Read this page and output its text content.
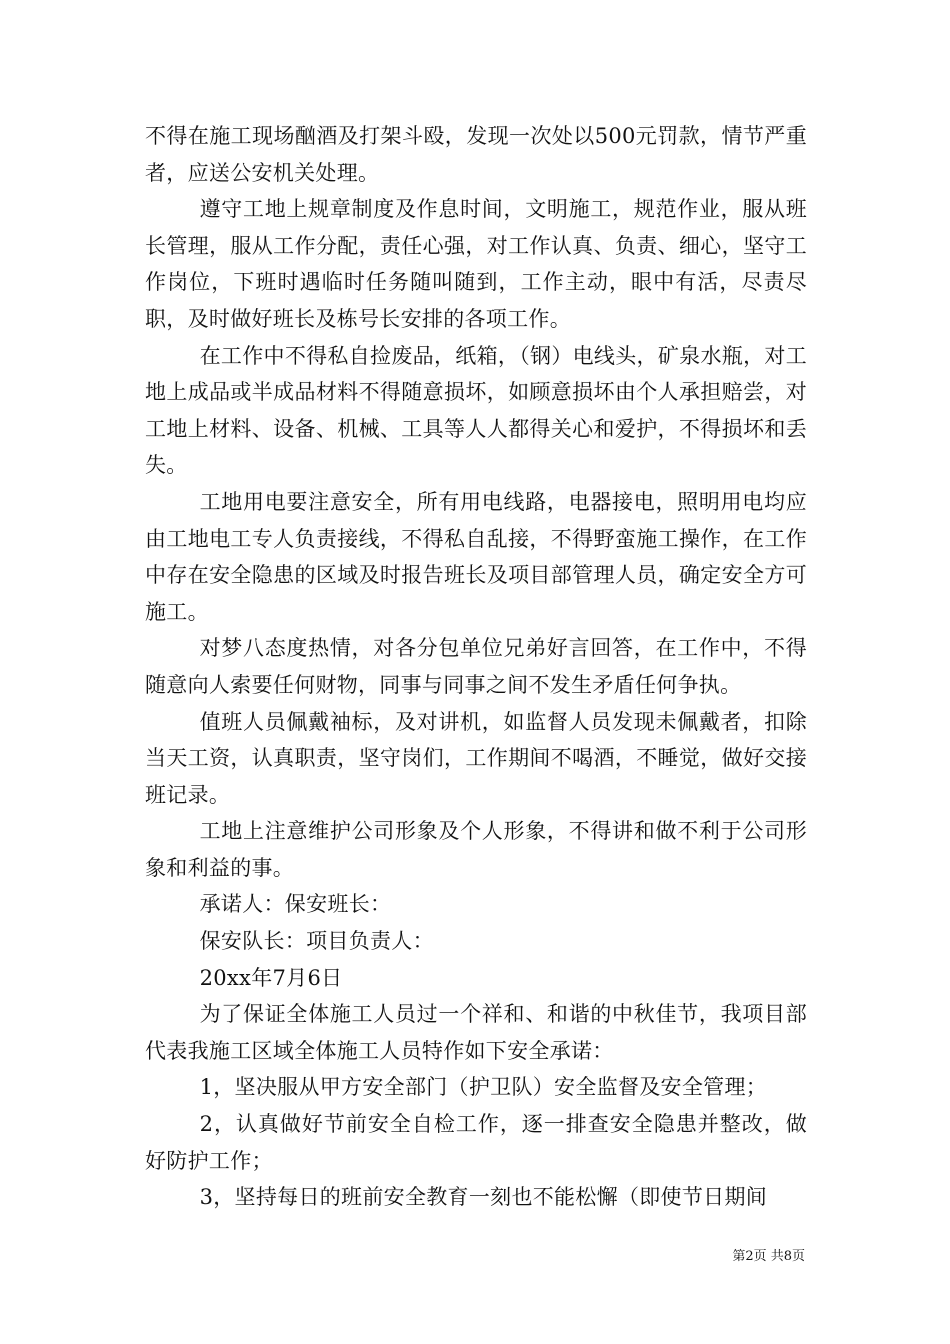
不得在施工现场酗酒及打架斗殴，发现一次处以500元罚款，情节严重者，应送公安机关处理。

遵守工地上规章制度及作息时间，文明施工，规范作业，服从班长管理，服从工作分配，责任心强，对工作认真、负责、细心，坚守工作岗位，下班时遇临时任务随叫随到，工作主动，眼中有活，尽责尽职，及时做好班长及栋号长安排的各项工作。

在工作中不得私自捡废品，纸箱，（钢）电线头，矿泉水瓶，对工地上成品或半成品材料不得随意损坏，如顾意损坏由个人承担赔尝，对工地上材料、设备、机械、工具等人人都得关心和爱护，不得损坏和丢失。

工地用电要注意安全，所有用电线路，电器接电，照明用电均应由工地电工专人负责接线，不得私自乱接，不得野蛮施工操作，在工作中存在安全隐患的区域及时报告班长及项目部管理人员，确定安全方可施工。

对梦八态度热情，对各分包单位兄弟好言回答，在工作中，不得随意向人索要任何财物，同事与同事之间不发生矛盾任何争执。

值班人员佩戴袖标，及对讲机，如监督人员发现未佩戴者，扣除当天工资，认真职责，坚守岗们，工作期间不喝酒，不睡觉，做好交接班记录。

工地上注意维护公司形象及个人形象，不得讲和做不利于公司形象和利益的事。

承诺人：保安班长：

保安队长：项目负责人：

20xx年7月6日

为了保证全体施工人员过一个祥和、和谐的中秋佳节，我项目部代表我施工区域全体施工人员特作如下安全承诺：

1，坚决服从甲方安全部门（护卫队）安全监督及安全管理；

2，认真做好节前安全自检工作，逐一排查安全隐患并整改，做好防护工作；

3，坚持每日的班前安全教育一刻也不能松懈（即使节日期间

第2页 共8页
